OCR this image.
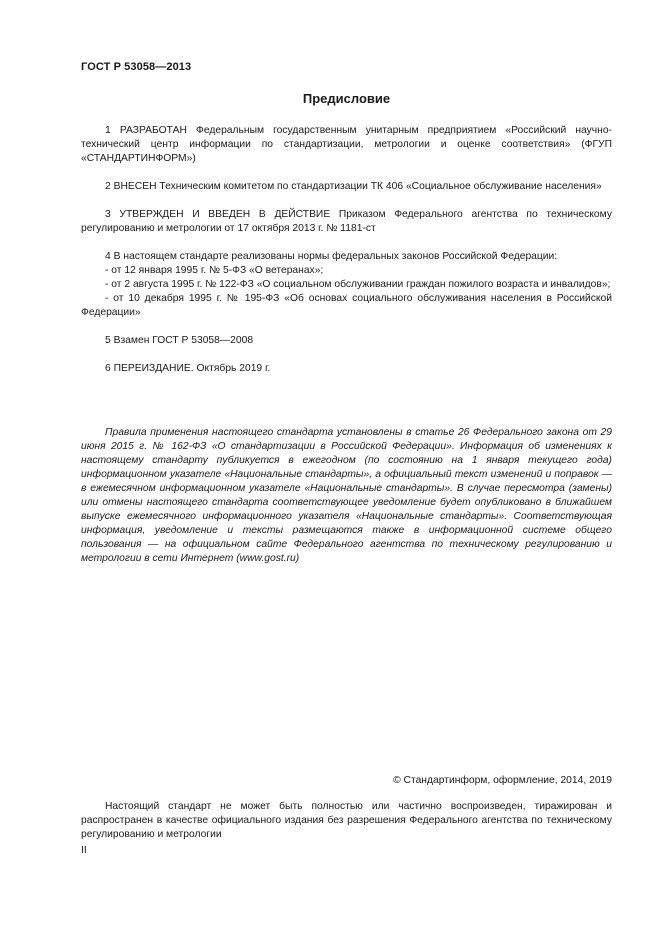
ГОСТ Р 53058—2013
Предисловие

1 РАЗРАБОТАН Федеральным государственным унитарным предприятием «Российский научно-технический центр информации по стандартизации, метрологии и оценке соответствия» (ФГУП «СТАНДАРТИНФОРМ»)

2 ВНЕСЕН Техническим комитетом по стандартизации ТК 406 «Социальное обслуживание населения»

3 УТВЕРЖДЕН И ВВЕДЕН В ДЕЙСТВИЕ Приказом Федерального агентства по техническому регулированию и метрологии от 17 октября 2013 г. № 1181-ст

4 В настоящем стандарте реализованы нормы федеральных законов Российской Федерации:

- от 12 января 1995 г. № 5-ФЗ «О ветеранах»;

- от 2 августа 1995 г. № 122-ФЗ «О социальном обслуживании граждан пожилого возраста и инвалидов»;

- от 10 декабря 1995 г. № 195-ФЗ «Об основах социального обслуживания населения в Российской Федерации»

5 Взамен ГОСТ Р 53058—2008

6 ПЕРЕИЗДАНИЕ. Октябрь 2019 г.

Правила применения настоящего стандарта установлены в статье 26 Федерального закона от 29 июня 2015 г. № 162-ФЗ «О стандартизации в Российской Федерации». Информация об изменениях к настоящему стандарту публикуется в ежегодном (по состоянию на 1 января текущего года) информационном указателе «Национальные стандарты», а официальный текст изменений и поправок — в ежемесячном информационном указателе «Национальные стандарты». В случае пересмотра (замены) или отмены настоящего стандарта соответствующее уведомление будет опубликовано в ближайшем выпуске ежемесячного информационного указателя «Национальные стандарты». Соответствующая информация, уведомление и тексты размещаются также в информационной системе общего пользования — на официальном сайте Федерального агентства по техническому регулированию и метрологии в сети Интернет (www.gost.ru)

© Стандартинформ, оформление, 2014, 2019

Настоящий стандарт не может быть полностью или частично воспроизведен, тиражирован и распространен в качестве официального издания без разрешения Федерального агентства по техническому регулированию и метрологии

II
